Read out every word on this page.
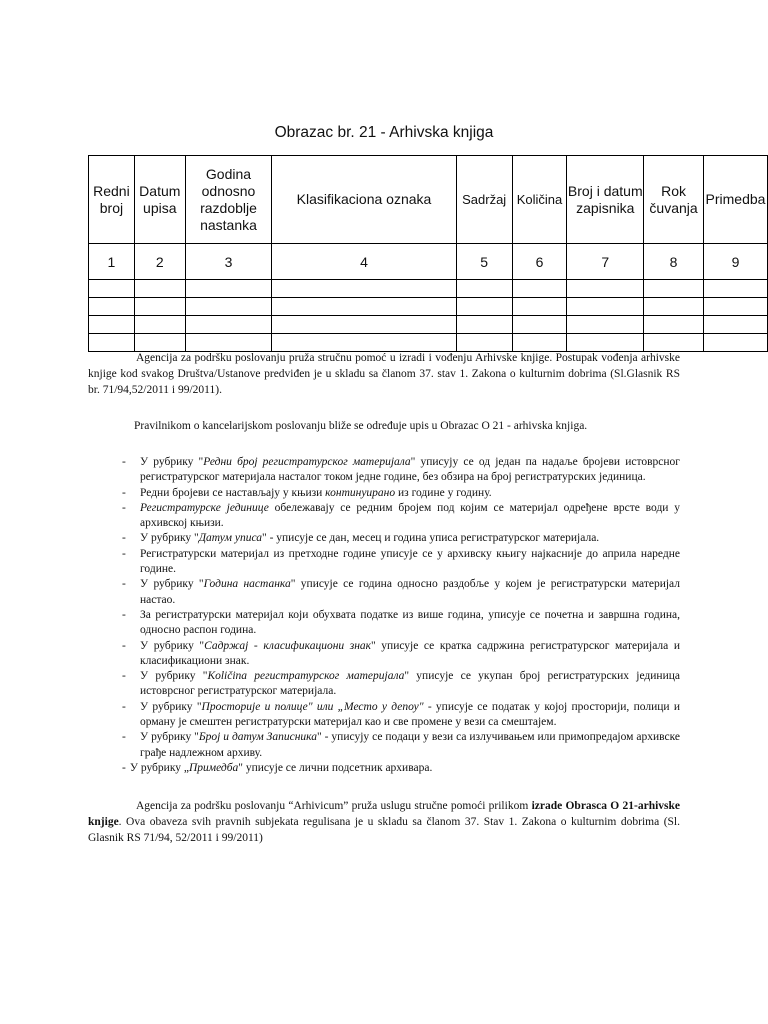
Obrazac br. 21 - Arhivska knjiga
Redni broj	Datum upisa	Godina odnosno razdoblje nastanka	Klasifikaciona oznaka	Sadržaj	Količina	Broj i datum zapisnika	Rok čuvanja	Primedba
1	2	3	4	5	6	7	8	9

Agencija za podršku poslovanju pruža stručnu pomoć u izradi i vođenju Arhivske knjige. Postupak vođenja arhivske knjige kod svakog Društva/Ustanove predviđen je u skladu sa članom 37. stav 1. Zakona o kulturnim dobrima (Sl.Glasnik RS br. 71/94,52/2011 i 99/2011).

Pravilnikom o kancelarijskom poslovanju bliže se određuje upis u Obrazac O 21 - arhivska knjiga.

- У рубрику "Редни број регистратурског материјала" уписују се од један па надаље бројеви истоврсног регистратурског материјала насталог током једне године, без обзира на број регистратурских јединица.
- Редни бројеви се настављају у књизи континуирано из године у годину.
- Регистратурске јединице обележавају се редним бројем под којим се материјал одређене врсте води у архивској књизи.
- У рубрику "Датум уписа" - уписује се дан, месец и година уписа регистратурског материјала.
- Регистратурски материјал из претходне године уписује се у архивску књигу најкасније до априла наредне године.
- У рубрику "Година настанка" уписује се година односно раздобље у којем је регистратурски материјал настао.
- За регистратурски материјал који обухвата податке из више година, уписује се почетна и завршна година, односно распон година.
- У рубрику "Садржај - класификациони знак" уписује се кратка садржина регистратурског материјала и класификациони знак.
- У рубрику "Količina регистратурског материјала" уписује се укупан број регистратурских јединица истоврсног регистратурског материјала.
- У рубрику "Просторије и полице" или „Место у депоу" - уписује се податак у којој просторији, полици и орману је смештен регистратурски материјал као и све промене у вези са смештајем.
- У рубрику "Број и датум Записника" - уписују се подаци у вези са излучивањем или примопредајом архивске грађе надлежном архиву.
- У рубрику „Примедба" уписује се лични подсетник архивара.

Agencija za podršku poslovanju “Arhivicum” pruža uslugu stručne pomoći prilikom izrade Obrasca O 21-arhivske knjige. Ova obaveza svih pravnih subjekata regulisana je u skladu sa članom 37. Stav 1. Zakona o kulturnim dobrima (Sl. Glasnik RS 71/94, 52/2011 i 99/2011)
